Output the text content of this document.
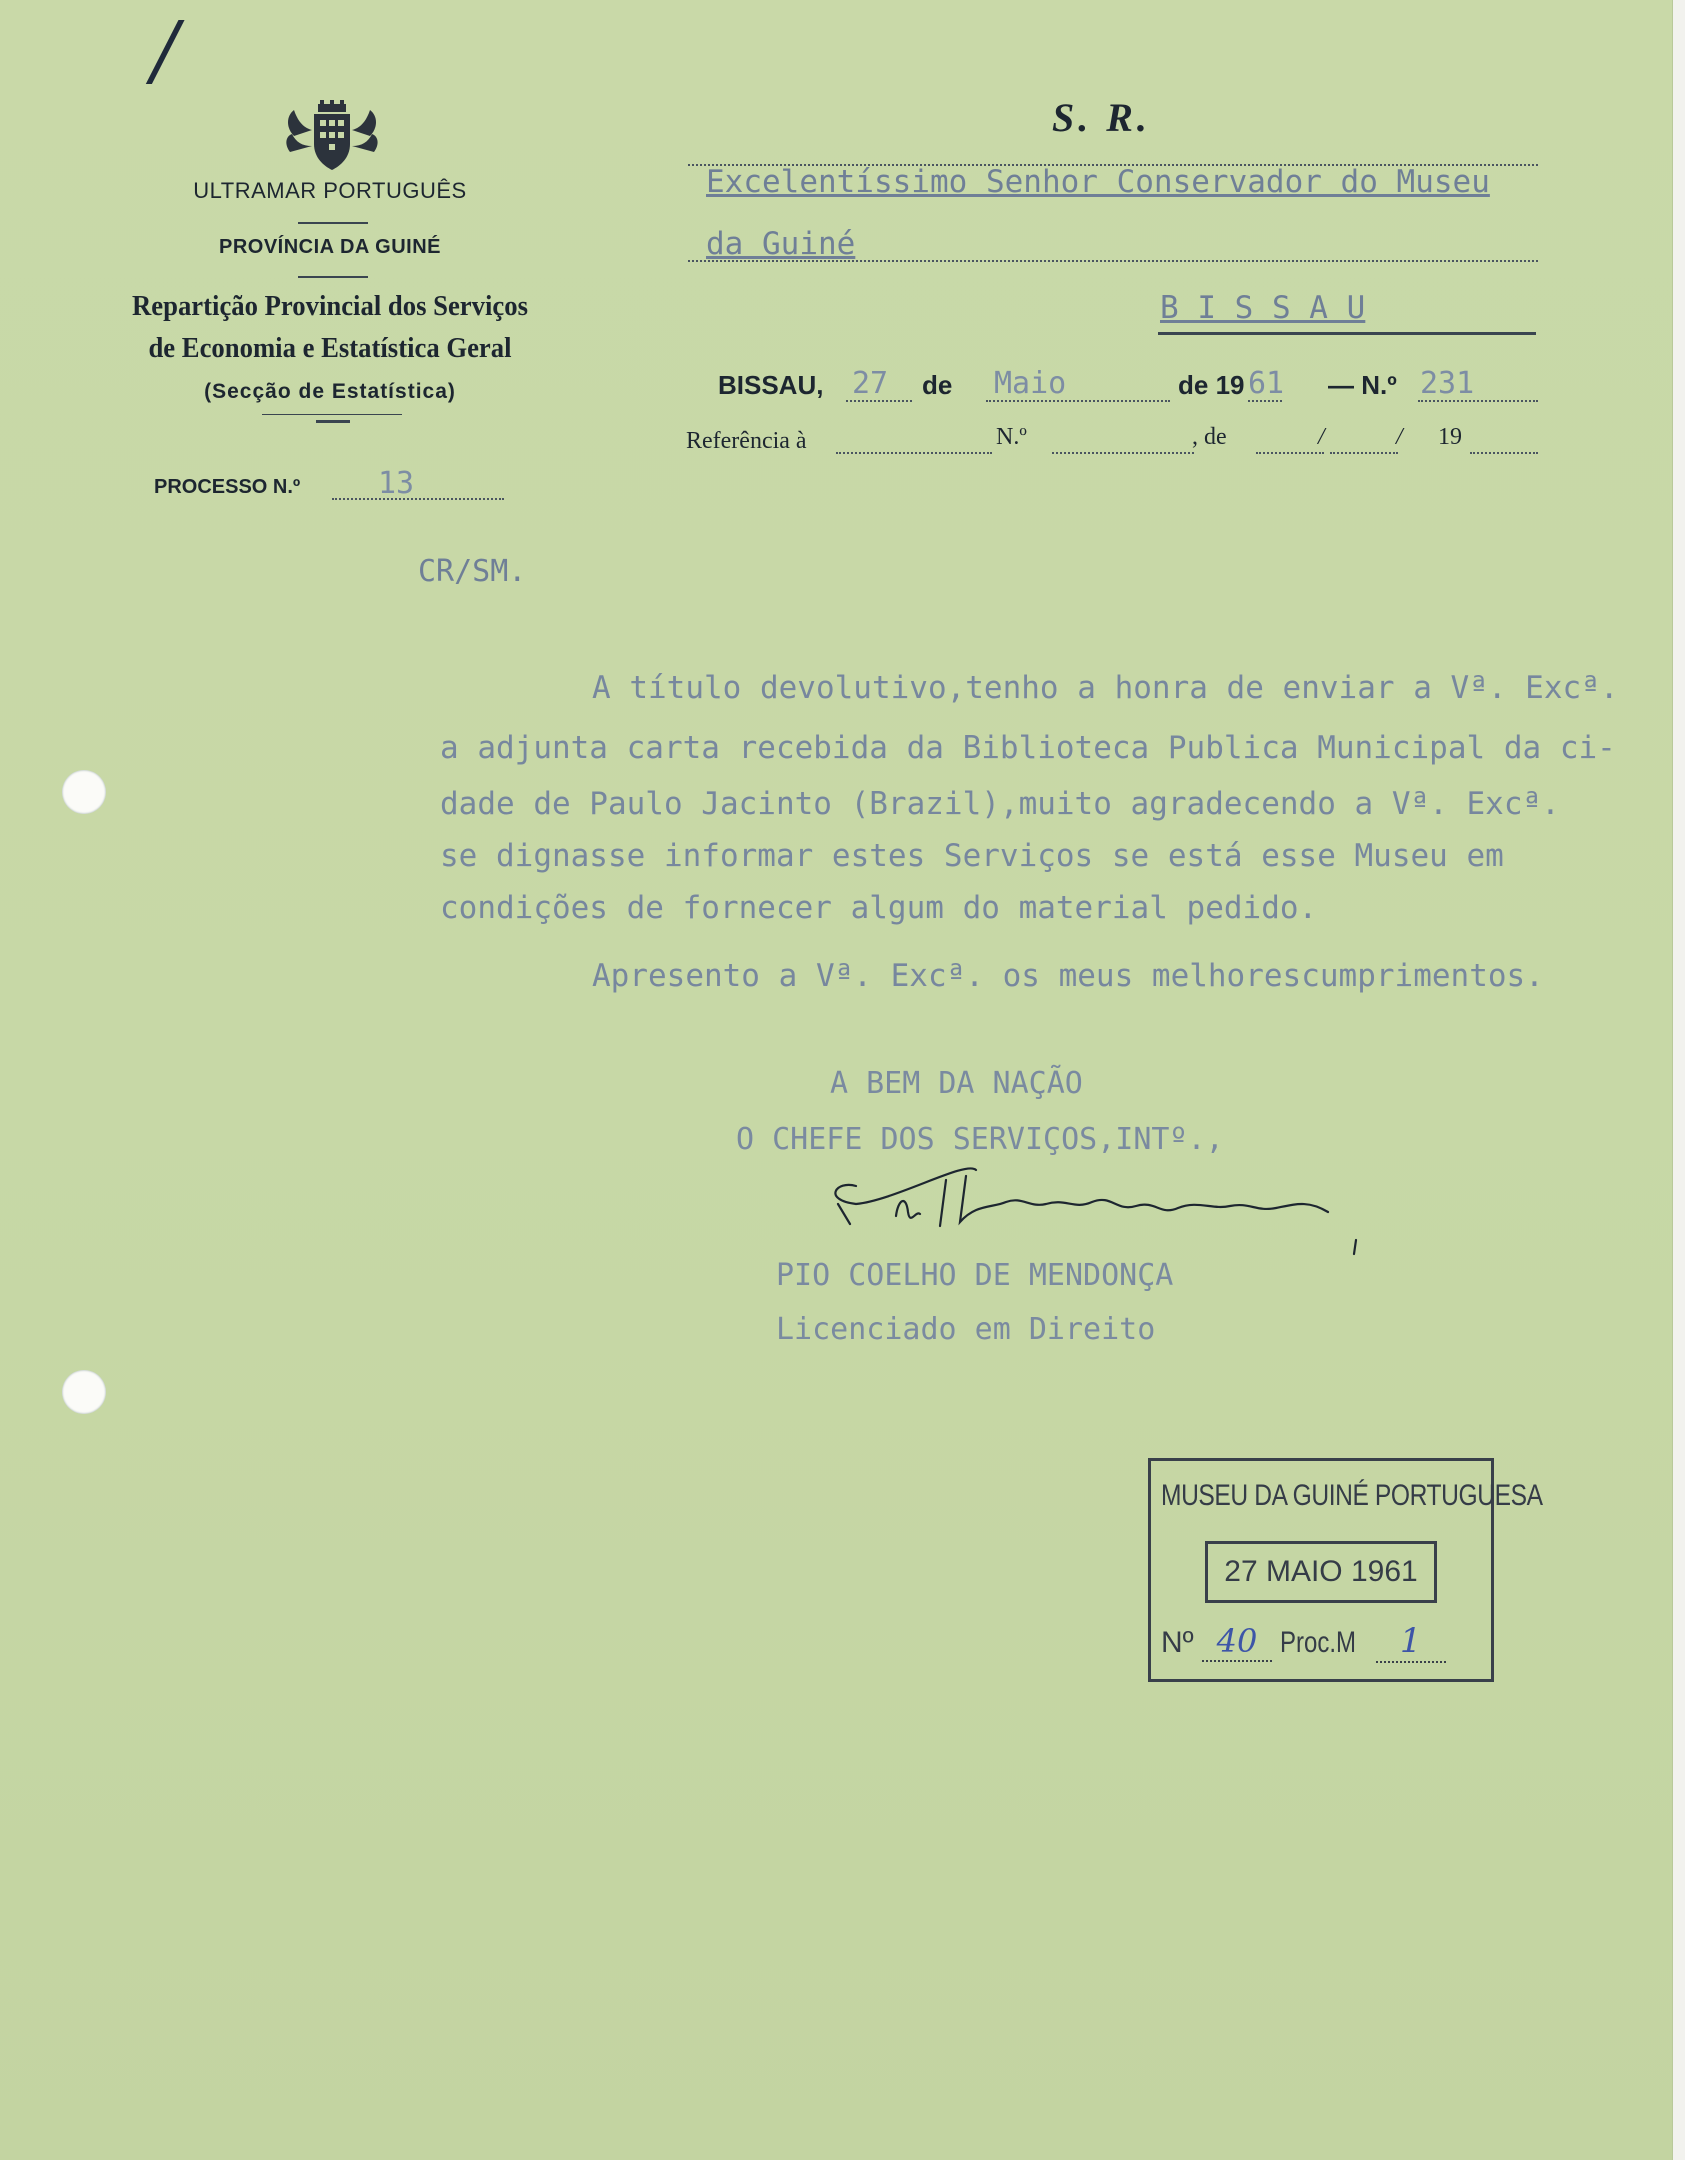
/
ULTRAMAR PORTUGUÊS
PROVÍNCIA DA GUINÉ
Repartição Provincial dos Serviços
de Economia e Estatística Geral
(Secção de Estatística)
PROCESSO N.º	13
CR/SM.
S. R.
Excelentíssimo Senhor Conservador do Museu
da Guiné
B I S S A U
BISSAU, 27 de Maio	de 19 61 — N.º 231
Referência à	N.º	, de	/	/ 19
A título devolutivo,tenho a honra de enviar a Vª. Excª.
a adjunta carta recebida da Biblioteca Publica Municipal da ci-
dade de Paulo Jacinto (Brazil),muito agradecendo a Vª. Excª.
se dignasse informar estes Serviços se está esse Museu em
condições de fornecer algum do material pedido.
Apresento a Vª. Excª. os meus melhorescumprimentos.
A BEM DA NAÇÃO
O CHEFE DOS SERVIÇOS,INTº.,
PIO COELHO DE MENDONÇA
Licenciado em Direito
MUSEU DA GUINÉ PORTUGUESA
27 MAIO 1961
Nº 40 Proc.M 1
